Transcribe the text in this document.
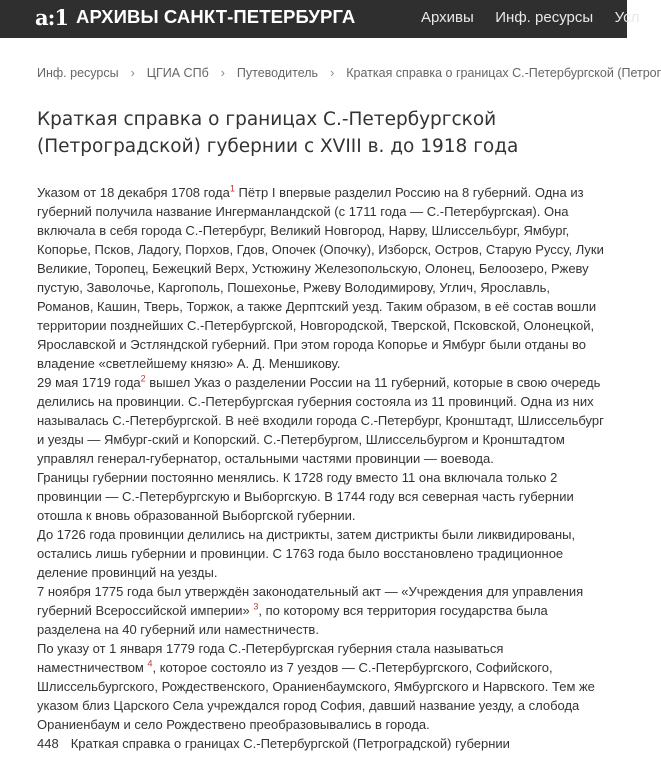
a:1 АРХИВЫ САНКТ-ПЕТЕРБУРГА	Архивы Инф. ресурсы Усл
Инф. ресурсы › ЦГИА СПб › Путеводитель › Краткая справка о границах С.-Петербургской (Петрог
Краткая справка о границах С.-Петербургской (Петроградской) губернии с XVIII в. до 1918 года

Указом от 18 декабря 1708 года$^1$ Пётр I впервые разделил Россию на 8 губерний. Одна из губерний получила название Ингерманландской (с 1711 года — С.-Петербургская). Она включала в себя города С.-Петербург, Великий Новгород, Нарву, Шлиссельбург, Ямбург, Копорье, Псков, Ладогу, Порхов, Гдов, Опочек (Опочку), Изборск, Остров, Старую Руссу, Луки Великие, Торопец, Бежецкий Верх, Устюжину Железопольскую, Олонец, Белоозеро, Ржеву пустую, Заволочье, Каргополь, Пошехонье, Ржеву Володимирову, Углич, Ярославль, Романов, Кашин, Тверь, Торжок, а также Дерптский уезд. Таким образом, в её состав вошли территории позднейших С.-Петербургской, Новгородской, Тверской, Псковской, Олонецкой, Ярославской и Эстляндской губерний. При этом города Копорье и Ямбург были отданы во владение «светлейшему князю» А. Д. Меншикову.

29 мая 1719 года$^2$ вышел Указ о разделении России на 11 губерний, которые в свою очередь делились на провинции. С.-Петербургская губерния состояла из 11 провинций. Одна из них называлась С.-Петербургской. В неё входили города С.-Петербург, Кронштадт, Шлиссельбург и уезды — Ямбург-ский и Копорский. С.-Петербургом, Шлиссельбургом и Кронштадтом управлял генерал-губернатор, остальными частями провинции — воевода.

Границы губернии постоянно менялись. К 1728 году вместо 11 она включала только 2 провинции — С.-Петербургскую и Выборгскую. В 1744 году вся северная часть губернии отошла к вновь образованной Выборгской губернии.

До 1726 года провинции делились на дистрикты, затем дистрикты были ликвидированы, остались лишь губернии и провинции. С 1763 года было восстановлено традиционное деление провинций на уезды.

7 ноября 1775 года был утверждён законодательный акт — «Учреждения для управления губерний Всероссийской империи» $^3$, по которому вся территория государства была разделена на 40 губерний или наместничеств.

По указу от 1 января 1779 года С.-Петербургская губерния стала называться наместничеством $^4$, которое состояло из 7 уездов — С.-Петербургского, Софийского, Шлиссельбургского, Рождественского, Ораниенбаумского, Ямбургского и Нарвского. Тем же указом близ Царского Села учреждался город София, давший название уезду, а слобода Ораниенбаум и село Рождествено преобразовывались в города.

448 Краткая справка о границах С.-Петербургской (Петроградской) губернии
